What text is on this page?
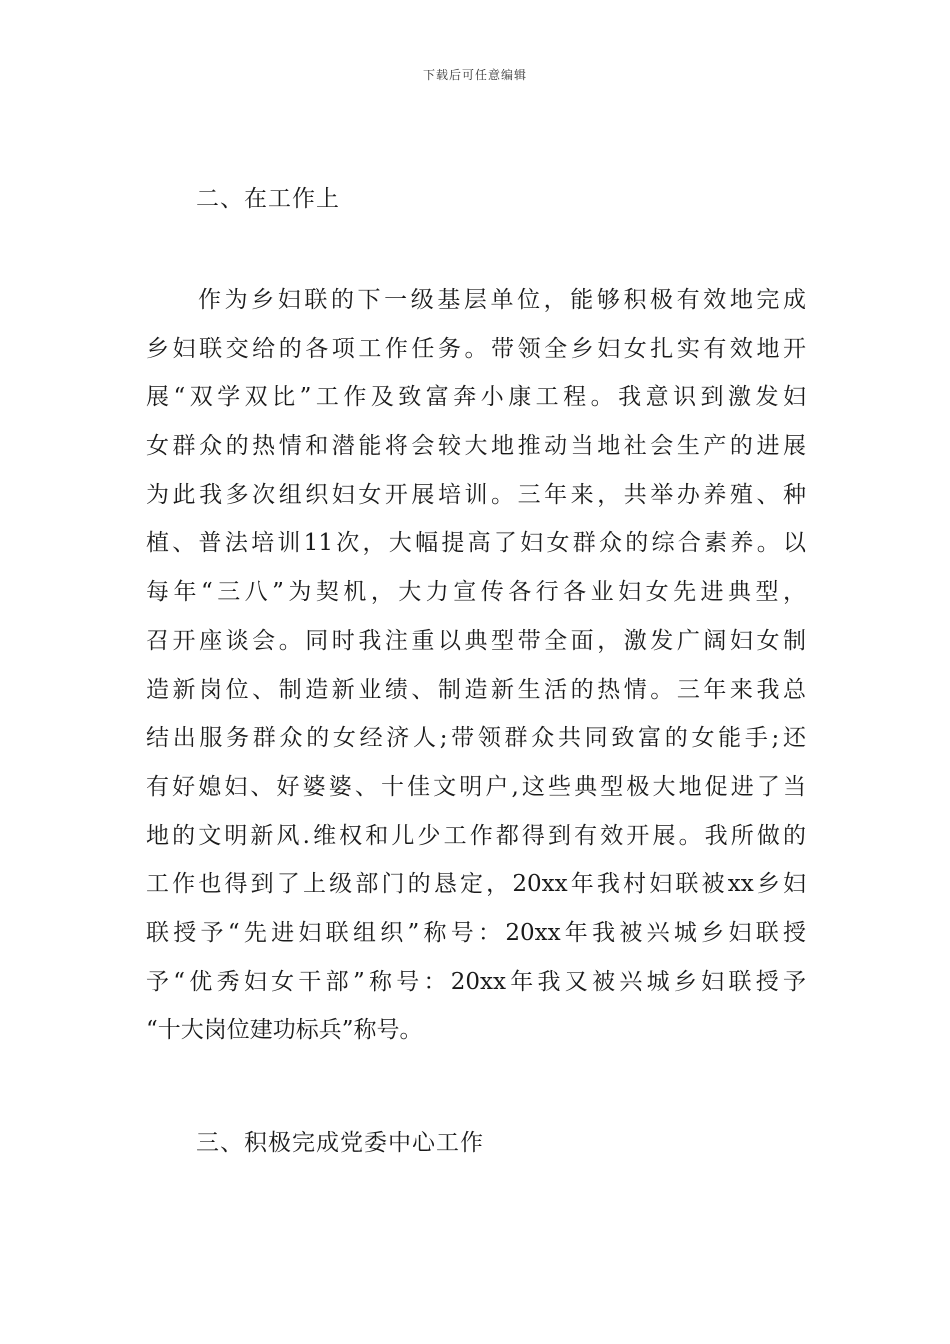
下载后可任意编辑
二、在工作上
作为乡妇联的下一级基层单位，能够积极有效地完成
乡妇联交给的各项工作任务。带领全乡妇女扎实有效地开
展“双学双比”工作及致富奔小康工程。我意识到激发妇
女群众的热情和潜能将会较大地推动当地社会生产的进展
为此我多次组织妇女开展培训。三年来，共举办养殖、种
植、普法培训11次，大幅提高了妇女群众的综合素养。以
每年“三八”为契机，大力宣传各行各业妇女先进典型，
召开座谈会。同时我注重以典型带全面，激发广阔妇女制
造新岗位、制造新业绩、制造新生活的热情。三年来我总
结出服务群众的女经济人;带领群众共同致富的女能手;还
有好媳妇、好婆婆、十佳文明户,这些典型极大地促进了当
地的文明新风.维权和儿少工作都得到有效开展。我所做的
工作也得到了上级部门的恳定，20xx年我村妇联被xx乡妇
联授予“先进妇联组织”称号：20xx年我被兴城乡妇联授
予“优秀妇女干部”称号：20xx年我又被兴城乡妇联授予
“十大岗位建功标兵”称号。
三、积极完成党委中心工作
